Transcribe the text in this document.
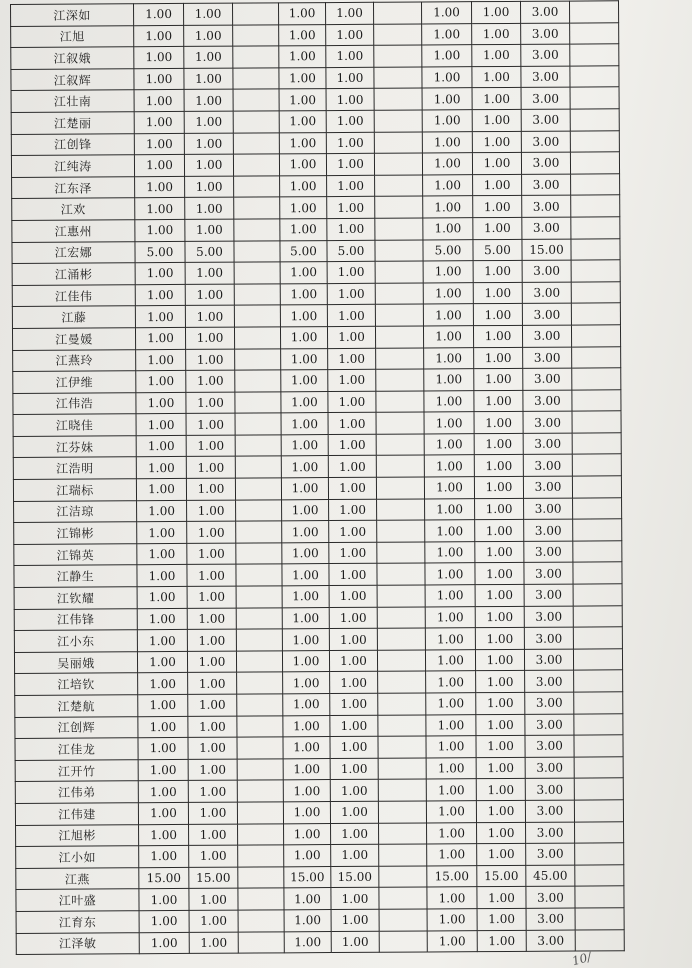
江深如	1.00	1.00		1.00	1.00		1.00	1.00	3.00	
江旭	1.00	1.00		1.00	1.00		1.00	1.00	3.00	
江叙娥	1.00	1.00		1.00	1.00		1.00	1.00	3.00	
江叙辉	1.00	1.00		1.00	1.00		1.00	1.00	3.00	
江壮南	1.00	1.00		1.00	1.00		1.00	1.00	3.00	
江楚丽	1.00	1.00		1.00	1.00		1.00	1.00	3.00	
江创锋	1.00	1.00		1.00	1.00		1.00	1.00	3.00	
江纯涛	1.00	1.00		1.00	1.00		1.00	1.00	3.00	
江东泽	1.00	1.00		1.00	1.00		1.00	1.00	3.00	
江欢	1.00	1.00		1.00	1.00		1.00	1.00	3.00	
江惠州	1.00	1.00		1.00	1.00		1.00	1.00	3.00	
江宏娜	5.00	5.00		5.00	5.00		5.00	5.00	15.00	
江涌彬	1.00	1.00		1.00	1.00		1.00	1.00	3.00	
江佳伟	1.00	1.00		1.00	1.00		1.00	1.00	3.00	
江藤	1.00	1.00		1.00	1.00		1.00	1.00	3.00	
江曼媛	1.00	1.00		1.00	1.00		1.00	1.00	3.00	
江燕玲	1.00	1.00		1.00	1.00		1.00	1.00	3.00	
江伊维	1.00	1.00		1.00	1.00		1.00	1.00	3.00	
江伟浩	1.00	1.00		1.00	1.00		1.00	1.00	3.00	
江晓佳	1.00	1.00		1.00	1.00		1.00	1.00	3.00	
江芬妹	1.00	1.00		1.00	1.00		1.00	1.00	3.00	
江浩明	1.00	1.00		1.00	1.00		1.00	1.00	3.00	
江瑞标	1.00	1.00		1.00	1.00		1.00	1.00	3.00	
江洁琼	1.00	1.00		1.00	1.00		1.00	1.00	3.00	
江锦彬	1.00	1.00		1.00	1.00		1.00	1.00	3.00	
江锦英	1.00	1.00		1.00	1.00		1.00	1.00	3.00	
江静生	1.00	1.00		1.00	1.00		1.00	1.00	3.00	
江钦耀	1.00	1.00		1.00	1.00		1.00	1.00	3.00	
江伟锋	1.00	1.00		1.00	1.00		1.00	1.00	3.00	
江小东	1.00	1.00		1.00	1.00		1.00	1.00	3.00	
吴丽娥	1.00	1.00		1.00	1.00		1.00	1.00	3.00	
江培钦	1.00	1.00		1.00	1.00		1.00	1.00	3.00	
江楚航	1.00	1.00		1.00	1.00		1.00	1.00	3.00	
江创辉	1.00	1.00		1.00	1.00		1.00	1.00	3.00	
江佳龙	1.00	1.00		1.00	1.00		1.00	1.00	3.00	
江开竹	1.00	1.00		1.00	1.00		1.00	1.00	3.00	
江伟弟	1.00	1.00		1.00	1.00		1.00	1.00	3.00	
江伟建	1.00	1.00		1.00	1.00		1.00	1.00	3.00	
江旭彬	1.00	1.00		1.00	1.00		1.00	1.00	3.00	
江小如	1.00	1.00		1.00	1.00		1.00	1.00	3.00	
江燕	15.00	15.00		15.00	15.00		15.00	15.00	45.00	
江叶盛	1.00	1.00		1.00	1.00		1.00	1.00	3.00	
江育东	1.00	1.00		1.00	1.00		1.00	1.00	3.00	
江泽敏	1.00	1.00		1.00	1.00		1.00	1.00	3.00	
10/
